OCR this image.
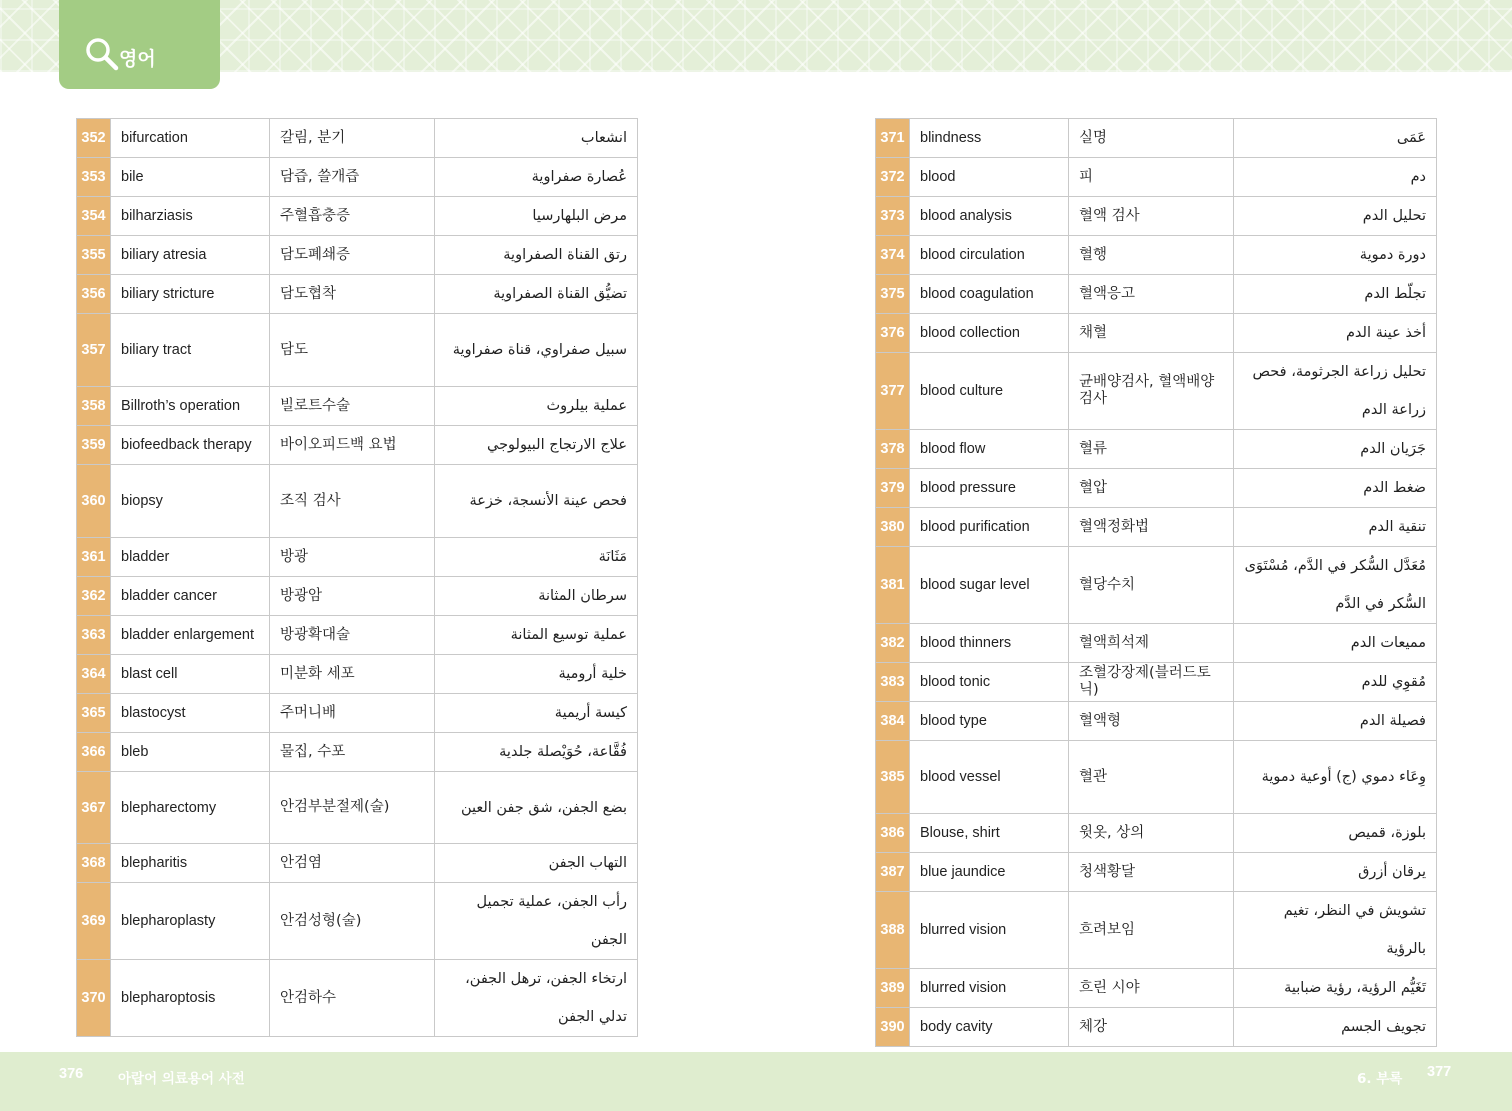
영어
352	bifurcation	갈림, 분기	انشعاب
353	bile	담즙, 쓸개즙	عُصارة صفراوية
354	bilharziasis	주혈흡충증	مرض البلهارسيا
355	biliary atresia	담도폐쇄증	رتق القناة الصفراوية
356	biliary stricture	담도협착	تضيُّق القناة الصفراوية
357	biliary tract	담도	سبيل صفراوي، قناة صفراوية
358	Billroth’s operation	빌로트수술	عملية بيلروث
359	biofeedback therapy	바이오피드백 요법	علاج الارتجاج البيولوجي
360	biopsy	조직 검사	فحص عينة الأنسجة، خزعة
361	bladder	방광	مَثَانَة
362	bladder cancer	방광암	سرطان المثانة
363	bladder enlargement	방광확대술	عملية توسيع المثانة
364	blast cell	미분화 세포	خلية أرومية
365	blastocyst	주머니배	كيسة أريمية
366	bleb	물집, 수포	فُقَّاعة، حُوَيْصلة جلدية
367	blepharectomy	안검부분절제(술)	بضع الجفن، شق جفن العين
368	blepharitis	안검염	التهاب الجفن
369	blepharoplasty	안검성형(술)	رأب الجفن، عملية تجميل الجفن
370	blepharoptosis	안검하수	ارتخاء الجفن، ترهل الجفن، تدلي الجفن
371	blindness	실명	عَمَى
372	blood	피	دم
373	blood analysis	혈액 검사	تحليل الدم
374	blood circulation	혈행	دورة دموية
375	blood coagulation	혈액응고	تجلّط الدم
376	blood collection	채혈	أخذ عينة الدم
377	blood culture	균배양검사, 혈액배양검사	تحليل زراعة الجرثومة، فحص زراعة الدم
378	blood flow	혈류	جَرَيان الدم
379	blood pressure	혈압	ضغط الدم
380	blood purification	혈액정화법	تنقية الدم
381	blood sugar level	혈당수치	مُعَدَّل السُّكر في الدَّم، مُسْتَوَى السُّكر في الدَّم
382	blood thinners	혈액희석제	مميعات الدم
383	blood tonic	조혈강장제(블러드토닉)	مُقوِي للدم
384	blood type	혈액형	فصيلة الدم
385	blood vessel	혈관	وِعَاء دموي (ج) أوعية دموية
386	Blouse, shirt	윗옷, 상의	بلوزة، قميص
387	blue jaundice	청색황달	يرقان أزرق
388	blurred vision	흐려보임	تشويش في النظر، تغيم بالرؤية
389	blurred vision	흐린 시야	تَغَيُّم الرؤية، رؤية ضبابية
390	body cavity	체강	تجويف الجسم
376	아랍어 의료용어 사전	6. 부록 377
